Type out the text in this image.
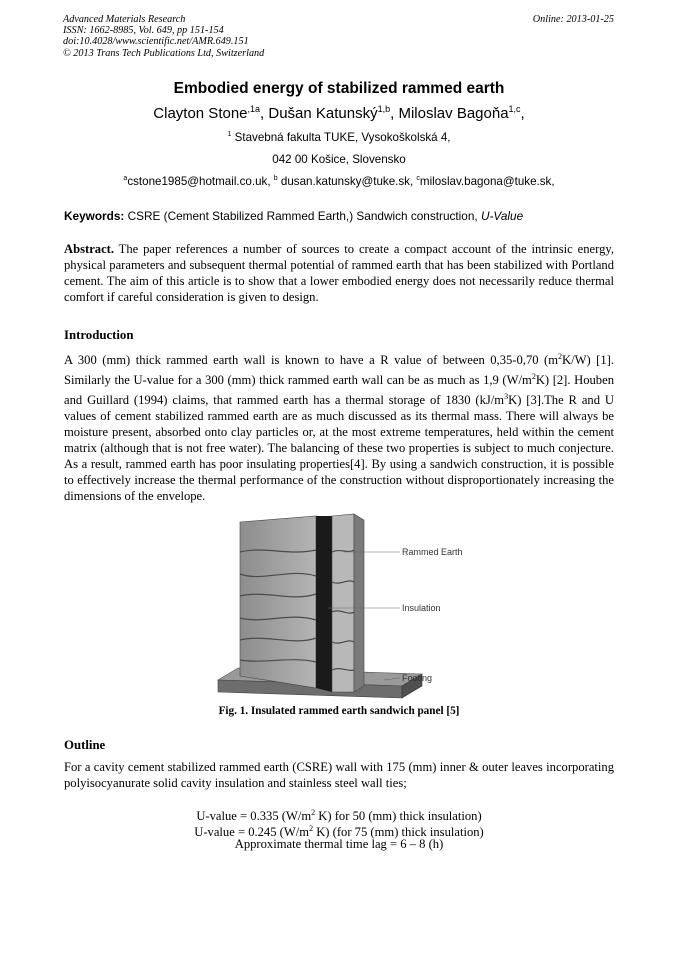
Advanced Materials Research
ISSN: 1662-8985, Vol. 649, pp 151-154
doi:10.4028/www.scientific.net/AMR.649.151
© 2013 Trans Tech Publications Ltd, Switzerland
Online: 2013-01-25
Embodied energy of stabilized rammed earth
Clayton Stone$^{,1a}$, Dušan Katunský$^{1,b}$, Miloslav Bagoňa$^{1,c}$,
$^1$ Stavebná fakulta TUKE, Vysokoškolská 4,
042 00 Košice, Slovensko
$^a$cstone1985@hotmail.co.uk, $^b$ dusan.katunsky@tuke.sk, $^c$miloslav.bagona@tuke.sk,
Keywords: CSRE (Cement Stabilized Rammed Earth,) Sandwich construction, U-Value
Abstract. The paper references a number of sources to create a compact account of the intrinsic energy, physical parameters and subsequent thermal potential of rammed earth that has been stabilized with Portland cement. The aim of this article is to show that a lower embodied energy does not necessarily reduce thermal comfort if careful consideration is given to design.
Introduction
A 300 (mm) thick rammed earth wall is known to have a R value of between 0,35-0,70 $(m^2K/W)$ [1]. Similarly the U-value for a 300 (mm) thick rammed earth wall can be as much as 1,9 $(W/m^2K)$ [2]. Houben and Guillard (1994) claims, that rammed earth has a thermal storage of 1830 $(kJ/m^3K)$ [3].The R and U values of cement stabilized rammed earth are as much discussed as its thermal mass. There will always be moisture present, absorbed onto clay particles or, at the most extreme temperatures, held within the cement matrix (although that is not free water). The balancing of these two properties is subject to much conjecture. As a result, rammed earth has poor insulating properties[4]. By using a sandwich construction, it is possible to effectively increase the thermal performance of the construction without disproportionately increasing the dimensions of the envelope.
Rammed Earth
Insulation
Footing
Fig. 1. Insulated rammed earth sandwich panel [5]
Outline
For a cavity cement stabilized rammed earth (CSRE) wall with 175 (mm) inner & outer leaves incorporating polyisocyanurate solid cavity insulation and stainless steel wall ties;
U-value = 0.335 ($W/m^2$ K) for 50 (mm) thick insulation)
U-value = 0.245 ($W/m^2$ K) (for 75 (mm) thick insulation)
Approximate thermal time lag = 6 – 8 (h)
